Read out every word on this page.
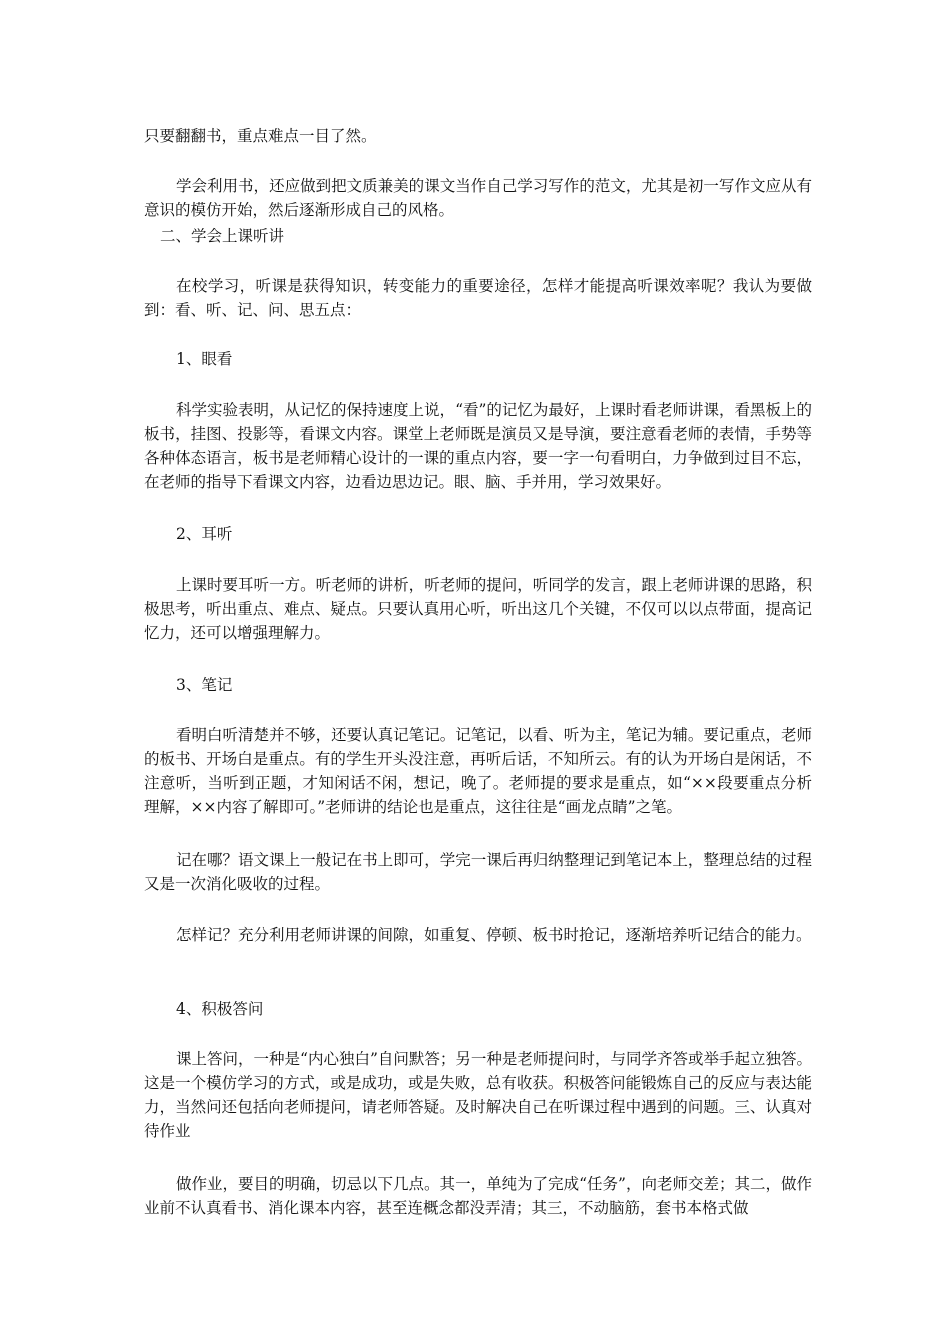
只要翻翻书，重点难点一目了然。

学会利用书，还应做到把文质兼美的课文当作自己学习写作的范文，尤其是初一写作文应从有意识的模仿开始，然后逐渐形成自己的风格。

二、学会上课听讲

在校学习，听课是获得知识，转变能力的重要途径，怎样才能提高听课效率呢？我认为要做到：看、听、记、问、思五点：

1、眼看

科学实验表明，从记忆的保持速度上说，“看”的记忆为最好，上课时看老师讲课，看黑板上的板书，挂图、投影等，看课文内容。课堂上老师既是演员又是导演，要注意看老师的表情，手势等各种体态语言，板书是老师精心设计的一课的重点内容，要一字一句看明白，力争做到过目不忘，在老师的指导下看课文内容，边看边思边记。眼、脑、手并用，学习效果好。

2、耳听

上课时要耳听一方。听老师的讲析，听老师的提问，听同学的发言，跟上老师讲课的思路，积极思考，听出重点、难点、疑点。只要认真用心听，听出这几个关键，不仅可以以点带面，提高记忆力，还可以增强理解力。

3、笔记

看明白听清楚并不够，还要认真记笔记。记笔记，以看、听为主，笔记为辅。要记重点，老师的板书、开场白是重点。有的学生开头没注意，再听后话，不知所云。有的认为开场白是闲话，不注意听，当听到正题，才知闲话不闲，想记，晚了。老师提的要求是重点，如“××段要重点分析理解，××内容了解即可。”老师讲的结论也是重点，这往往是“画龙点睛”之笔。

记在哪？语文课上一般记在书上即可，学完一课后再归纳整理记到笔记本上，整理总结的过程又是一次消化吸收的过程。

怎样记？充分利用老师讲课的间隙，如重复、停顿、板书时抢记，逐渐培养听记结合的能力。

4、积极答问

课上答问，一种是“内心独白”自问默答；另一种是老师提问时，与同学齐答或举手起立独答。这是一个模仿学习的方式，或是成功，或是失败，总有收获。积极答问能锻炼自己的反应与表达能力，当然问还包括向老师提问，请老师答疑。及时解决自己在听课过程中遇到的问题。三、认真对待作业

做作业，要目的明确，切忌以下几点。其一，单纯为了完成“任务”，向老师交差；其二，做作业前不认真看书、消化课本内容，甚至连概念都没弄清；其三，不动脑筋，套书本格式做
